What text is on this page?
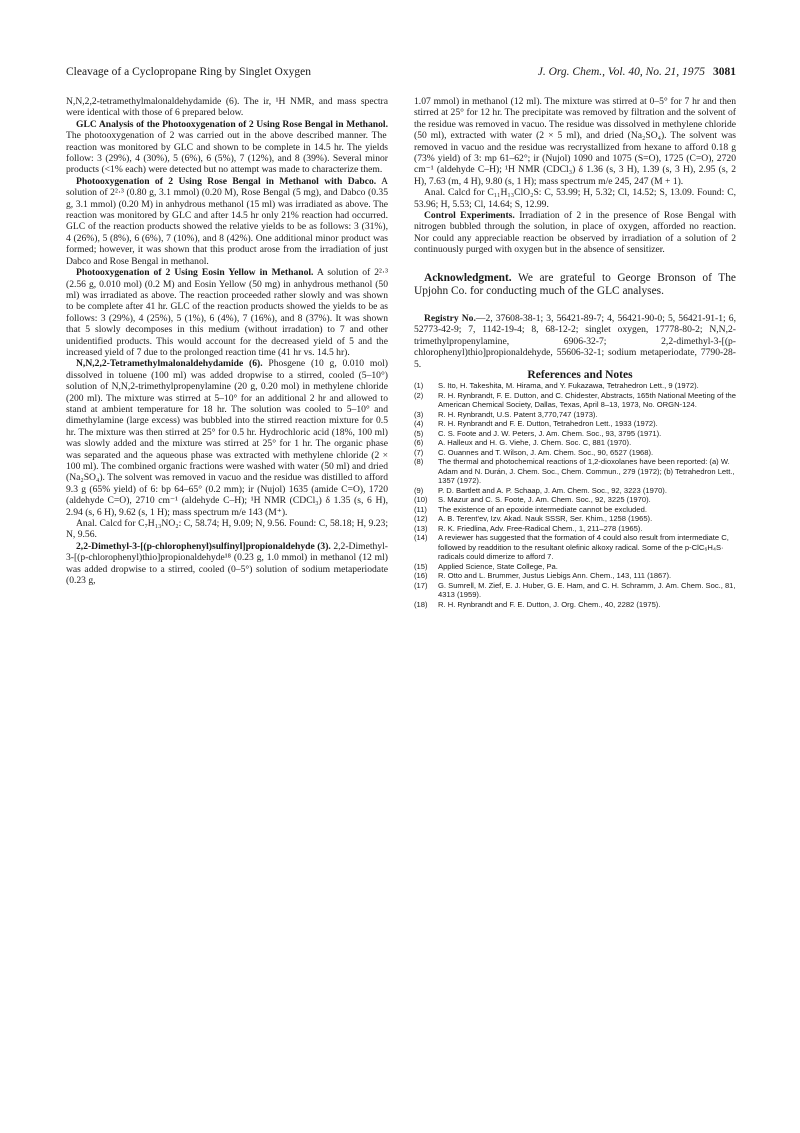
Cleavage of a Cyclopropane Ring by Singlet Oxygen	J. Org. Chem., Vol. 40, No. 21, 1975 3081

N,N,2,2-tetramethylmalonaldehydamide (6). The ir, ¹H NMR, and mass spectra were identical with those of 6 prepared below.

GLC Analysis of the Photooxygenation of 2 Using Rose Bengal in Methanol. The photooxygenation of 2 was carried out in the above described manner. The reaction was monitored by GLC and shown to be complete in 14.5 hr. The yields follow: 3 (29%), 4 (30%), 5 (6%), 6 (5%), 7 (12%), and 8 (39%). Several minor products (<1% each) were detected but no attempt was made to characterize them.

Photooxygenation of 2 Using Rose Bengal in Methanol with Dabco. A solution of 2²·³ (0.80 g, 3.1 mmol) (0.20 M), Rose Bengal (5 mg), and Dabco (0.35 g, 3.1 mmol) (0.20 M) in anhydrous methanol (15 ml) was irradiated as above. The reaction was monitored by GLC and after 14.5 hr only 21% reaction had occurred. GLC of the reaction products showed the relative yields to be as follows: 3 (31%), 4 (26%), 5 (8%), 6 (6%), 7 (10%), and 8 (42%). One additional minor product was formed; however, it was shown that this product arose from the irradiation of just Dabco and Rose Bengal in methanol.

Photooxygenation of 2 Using Eosin Yellow in Methanol. A solution of 2²·³ (2.56 g, 0.010 mol) (0.2 M) and Eosin Yellow (50 mg) in anhydrous methanol (50 ml) was irradiated as above. The reaction proceeded rather slowly and was shown to be complete after 41 hr. GLC of the reaction products showed the yields to be as follows: 3 (29%), 4 (25%), 5 (1%), 6 (4%), 7 (16%), and 8 (37%). It was shown that 5 slowly decomposes in this medium (without irradation) to 7 and other unidentified products. This would account for the decreased yield of 5 and the increased yield of 7 due to the prolonged reaction time (41 hr vs. 14.5 hr).

N,N,2,2-Tetramethylmalonaldehydamide (6). Phosgene (10 g, 0.010 mol) dissolved in toluene (100 ml) was added dropwise to a stirred, cooled (5–10°) solution of N,N,2-trimethylpropenylamine (20 g, 0.20 mol) in methylene chloride (200 ml). The mixture was stirred at 5–10° for an additional 2 hr and allowed to stand at ambient temperature for 18 hr. The solution was cooled to 5–10° and dimethylamine (large excess) was bubbled into the stirred reaction mixture for 0.5 hr. The mixture was then stirred at 25° for 0.5 hr. Hydrochloric acid (18%, 100 ml) was slowly added and the mixture was stirred at 25° for 1 hr. The organic phase was separated and the aqueous phase was extracted with methylene chloride (2 × 100 ml). The combined organic fractions were washed with water (50 ml) and dried (Na₂SO₄). The solvent was removed in vacuo and the residue was distilled to afford 9.3 g (65% yield) of 6: bp 64–65° (0.2 mm); ir (Nujol) 1635 (amide C=O), 1720 (aldehyde C=O), 2710 cm⁻¹ (aldehyde C–H); ¹H NMR (CDCl₃) δ 1.35 (s, 6 H), 2.94 (s, 6 H), 9.62 (s, 1 H); mass spectrum m/e 143 (M⁺).

Anal. Calcd for C₇H₁₃NO₂: C, 58.74; H, 9.09; N, 9.56. Found: C, 58.18; H, 9.23; N, 9.56.

2,2-Dimethyl-3-[(p-chlorophenyl)sulfinyl]propionaldehyde (3). 2,2-Dimethyl-3-[(p-chlorophenyl)thio]propionaldehyde¹⁸ (0.23 g, 1.0 mmol) in methanol (12 ml) was added dropwise to a stirred, cooled (0–5°) solution of sodium metaperiodate (0.23 g,

1.07 mmol) in methanol (12 ml). The mixture was stirred at 0–5° for 7 hr and then stirred at 25° for 12 hr. The precipitate was removed by filtration and the solvent of the residue was removed in vacuo. The residue was dissolved in methylene chloride (50 ml), extracted with water (2 × 5 ml), and dried (Na₂SO₄). The solvent was removed in vacuo and the residue was recrystallized from hexane to afford 0.18 g (73% yield) of 3: mp 61–62°; ir (Nujol) 1090 and 1075 (S=O), 1725 (C=O), 2720 cm⁻¹ (aldehyde C–H); ¹H NMR (CDCl₃) δ 1.36 (s, 3 H), 1.39 (s, 3 H), 2.95 (s, 2 H), 7.63 (m, 4 H), 9.80 (s, 1 H); mass spectrum m/e 245, 247 (M + 1).

Anal. Calcd for C₁₁H₁₃ClO₂S: C, 53.99; H, 5.32; Cl, 14.52; S, 13.09. Found: C, 53.96; H, 5.53; Cl, 14.64; S, 12.99.

Control Experiments. Irradiation of 2 in the presence of Rose Bengal with nitrogen bubbled through the solution, in place of oxygen, afforded no reaction. Nor could any appreciable reaction be observed by irradiation of a solution of 2 continuously purged with oxygen but in the absence of sensitizer.

Acknowledgment. We are grateful to George Bronson of The Upjohn Co. for conducting much of the GLC analyses.

Registry No.—2, 37608-38-1; 3, 56421-89-7; 4, 56421-90-0; 5, 56421-91-1; 6, 52773-42-9; 7, 1142-19-4; 8, 68-12-2; singlet oxygen, 17778-80-2; N,N,2-trimethylpropenylamine, 6906-32-7; 2,2-dimethyl-3-[(p-chlorophenyl)thio]propionaldehyde, 55606-32-1; sodium metaperiodate, 7790-28-5.

References and Notes

(1)	S. Ito, H. Takeshita, M. Hirama, and Y. Fukazawa, Tetrahedron Lett., 9 (1972).
(2)	R. H. Rynbrandt, F. E. Dutton, and C. Chidester, Abstracts, 165th National Meeting of the American Chemical Society, Dallas, Texas, April 8–13, 1973, No. ORGN-124.
(3)	R. H. Rynbrandt, U.S. Patent 3,770,747 (1973).
(4)	R. H. Rynbrandt and F. E. Dutton, Tetrahedron Lett., 1933 (1972).
(5)	C. S. Foote and J. W. Peters, J. Am. Chem. Soc., 93, 3795 (1971).
(6)	A. Halleux and H. G. Viehe, J. Chem. Soc. C, 881 (1970).
(7)	C. Ouannes and T. Wilson, J. Am. Chem. Soc., 90, 6527 (1968).
(8)	The thermal and photochemical reactions of 1,2-dioxolanes have been reported: (a) W. Adam and N. Durán, J. Chem. Soc., Chem. Commun., 279 (1972); (b) Tetrahedron Lett., 1357 (1972).
(9)	P. D. Bartlett and A. P. Schaap, J. Am. Chem. Soc., 92, 3223 (1970).
(10)	S. Mazur and C. S. Foote, J. Am. Chem. Soc., 92, 3225 (1970).
(11)	The existence of an epoxide intermediate cannot be excluded.
(12)	A. B. Terent'ev, Izv. Akad. Nauk SSSR, Ser. Khim., 1258 (1965).
(13)	R. K. Friedlina, Adv. Free-Radical Chem., 1, 211–278 (1965).
(14)	A reviewer has suggested that the formation of 4 could also result from intermediate C, followed by readdition to the resultant olefinic alkoxy radical. Some of the p-ClC₆H₄S· radicals could dimerize to afford 7.
(15)	Applied Science, State College, Pa.
(16)	R. Otto and L. Brummer, Justus Liebigs Ann. Chem., 143, 111 (1867).
(17)	G. Sumrell, M. Zief, E. J. Huber, G. E. Ham, and C. H. Schramm, J. Am. Chem. Soc., 81, 4313 (1959).
(18)	R. H. Rynbrandt and F. E. Dutton, J. Org. Chem., 40, 2282 (1975).
